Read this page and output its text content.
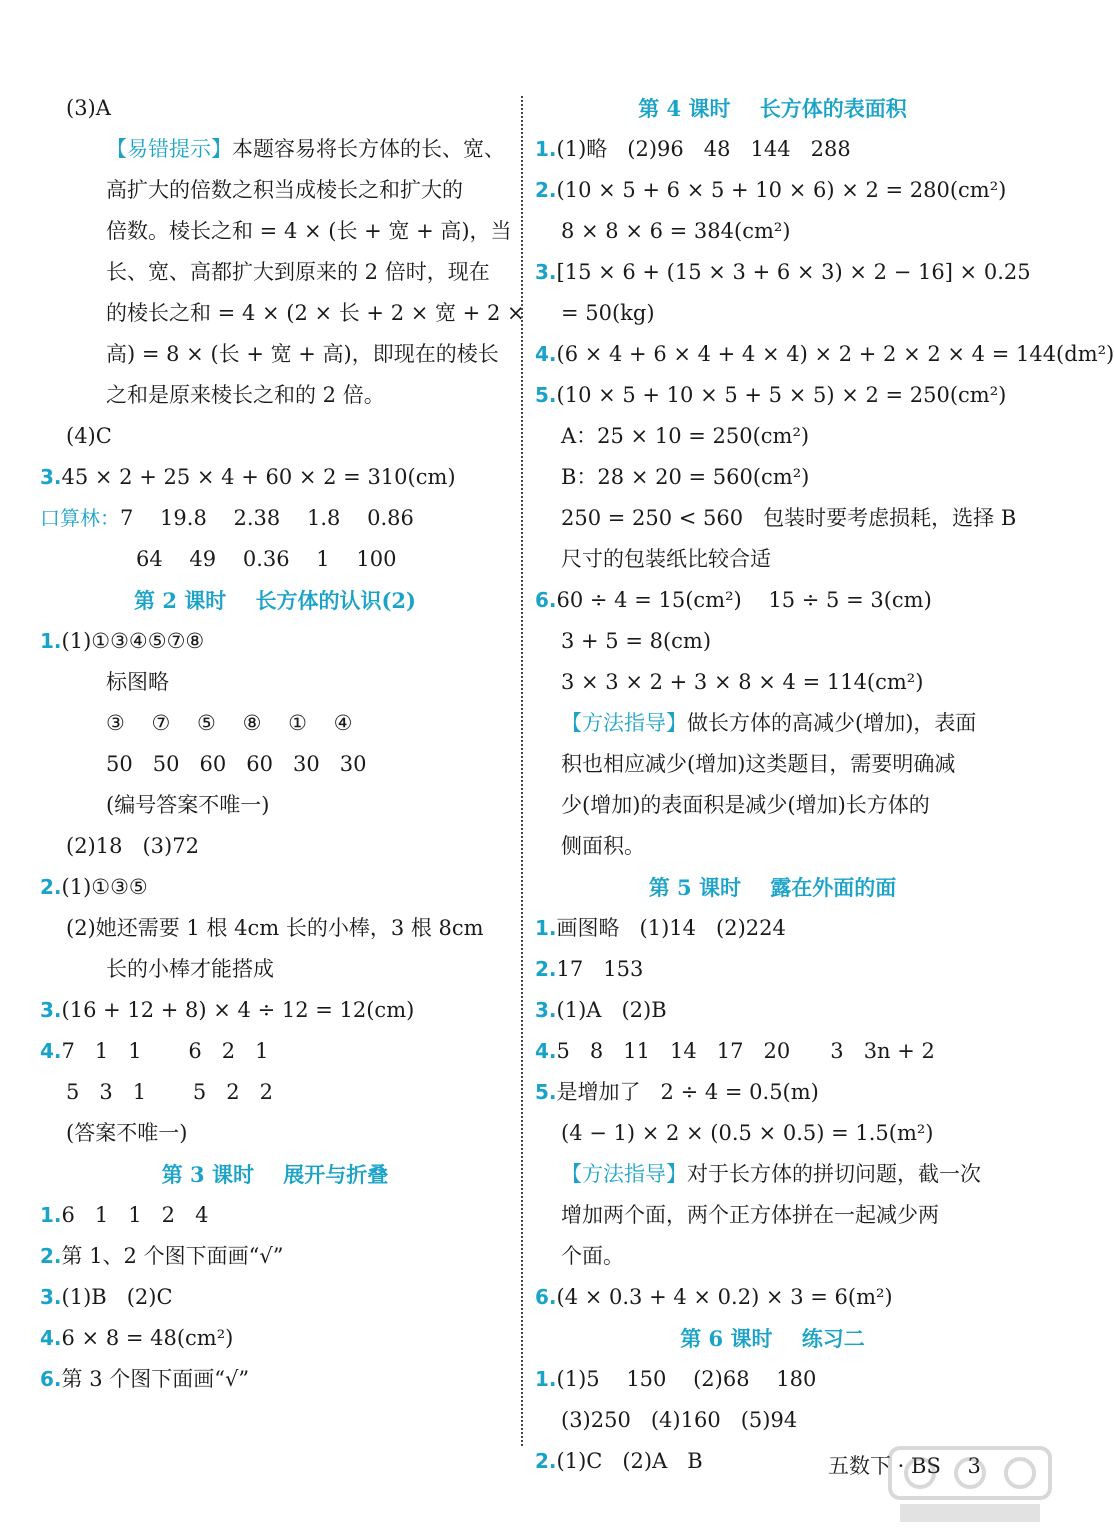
(3)A
【易错提示】本题容易将长方体的长、宽、
高扩大的倍数之积当成棱长之和扩大的
倍数。棱长之和 = 4 × (长 + 宽 + 高)，当
长、宽、高都扩大到原来的 2 倍时，现在
的棱长之和 = 4 × (2 × 长 + 2 × 宽 + 2 ×
高) = 8 × (长 + 宽 + 高)，即现在的棱长
之和是原来棱长之和的 2 倍。
(4)C
3.45 × 2 + 25 × 4 + 60 × 2 = 310(cm)
口算林：7    19.8    2.38    1.8    0.86
64    49    0.36    1    100
第 2 课时    长方体的认识(2)
1.(1)①③④⑤⑦⑧
标图略
③    ⑦    ⑤    ⑧    ①    ④
50   50   60   60   30   30
(编号答案不唯一)
(2)18   (3)72
2.(1)①③⑤
(2)她还需要 1 根 4cm 长的小棒，3 根 8cm
长的小棒才能搭成
3.(16 + 12 + 8) × 4 ÷ 12 = 12(cm)
4.7   1   1       6   2   1
5   3   1       5   2   2
(答案不唯一)
第 3 课时    展开与折叠
1.6   1   1   2   4
2.第 1、2 个图下面画“√”
3.(1)B   (2)C
4.6 × 8 = 48(cm²)
6.第 3 个图下面画“√”
第 4 课时    长方体的表面积
1.(1)略   (2)96   48   144   288
2.(10 × 5 + 6 × 5 + 10 × 6) × 2 = 280(cm²)
8 × 8 × 6 = 384(cm²)
3.[15 × 6 + (15 × 3 + 6 × 3) × 2 − 16] × 0.25
= 50(kg)
4.(6 × 4 + 6 × 4 + 4 × 4) × 2 + 2 × 2 × 4 = 144(dm²)
5.(10 × 5 + 10 × 5 + 5 × 5) × 2 = 250(cm²)
A：25 × 10 = 250(cm²)
B：28 × 20 = 560(cm²)
250 = 250 < 560   包装时要考虑损耗，选择 B
尺寸的包装纸比较合适
6.60 ÷ 4 = 15(cm²)    15 ÷ 5 = 3(cm)
3 + 5 = 8(cm)
3 × 3 × 2 + 3 × 8 × 4 = 114(cm²)
【方法指导】做长方体的高减少(增加)，表面
积也相应减少(增加)这类题目，需要明确减
少(增加)的表面积是减少(增加)长方体的
侧面积。
第 5 课时    露在外面的面
1.画图略   (1)14   (2)224
2.17   153
3.(1)A   (2)B
4.5   8   11   14   17   20      3   3n + 2
5.是增加了   2 ÷ 4 = 0.5(m)
(4 − 1) × 2 × (0.5 × 0.5) = 1.5(m²)
【方法指导】对于长方体的拼切问题，截一次
增加两个面，两个正方体拼在一起减少两
个面。
6.(4 × 0.3 + 4 × 0.2) × 3 = 6(m²)
第 6 课时    练习二
1.(1)5    150    (2)68    180
(3)250   (4)160   (5)94
2.(1)C   (2)A   B	五数下 · BS    3
